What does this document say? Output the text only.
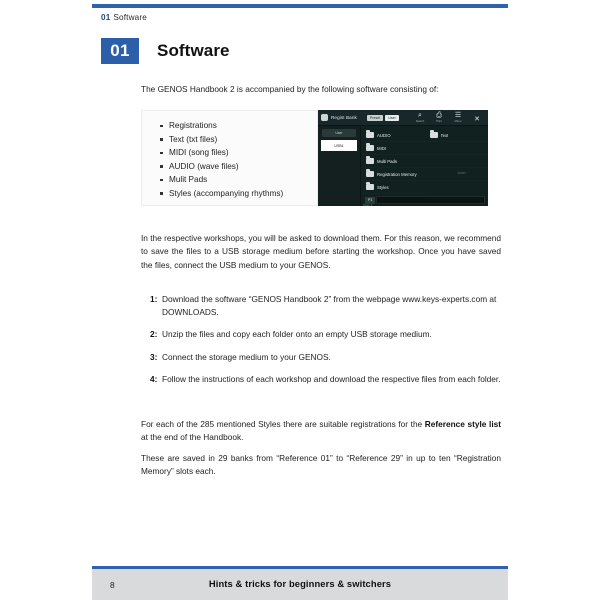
01 Software
01	Software
The GENOS Handbook 2 is accompanied by the following software consisting of:
Registrations
Text (txt files)
MIDI (song files)
AUDIO (wave files)
Mulit Pads
Styles (accompanying rhythms)
Regist Bank	Preset	User	⌕
Search
⎙
Print
☰
Menu ✕
User
USB1
AUDIO	Text
MIDI
Multi Pads
Registration Memory
Styles
User
P1
Page 1
In the respective workshops, you will be asked to download them. For this reason, we recommend to save the files to a USB storage medium before starting the workshop. Once you have saved the files, connect the USB medium to your GENOS.
1: Download the software “GENOS Handbook 2” from the webpage www.keys-experts.com at DOWNLOADS.
2: Unzip the files and copy each folder onto an empty USB storage medium.
3: Connect the storage medium to your GENOS.
4: Follow the instructions of each workshop and download the respective files from each folder.
For each of the 285 mentioned Styles there are suitable registrations for the Reference style list at the end of the Handbook.
These are saved in 29 banks from “Reference 01” to “Reference 29” in up to ten “Registration Memory” slots each.
8	Hints & tricks for beginners & switchers
